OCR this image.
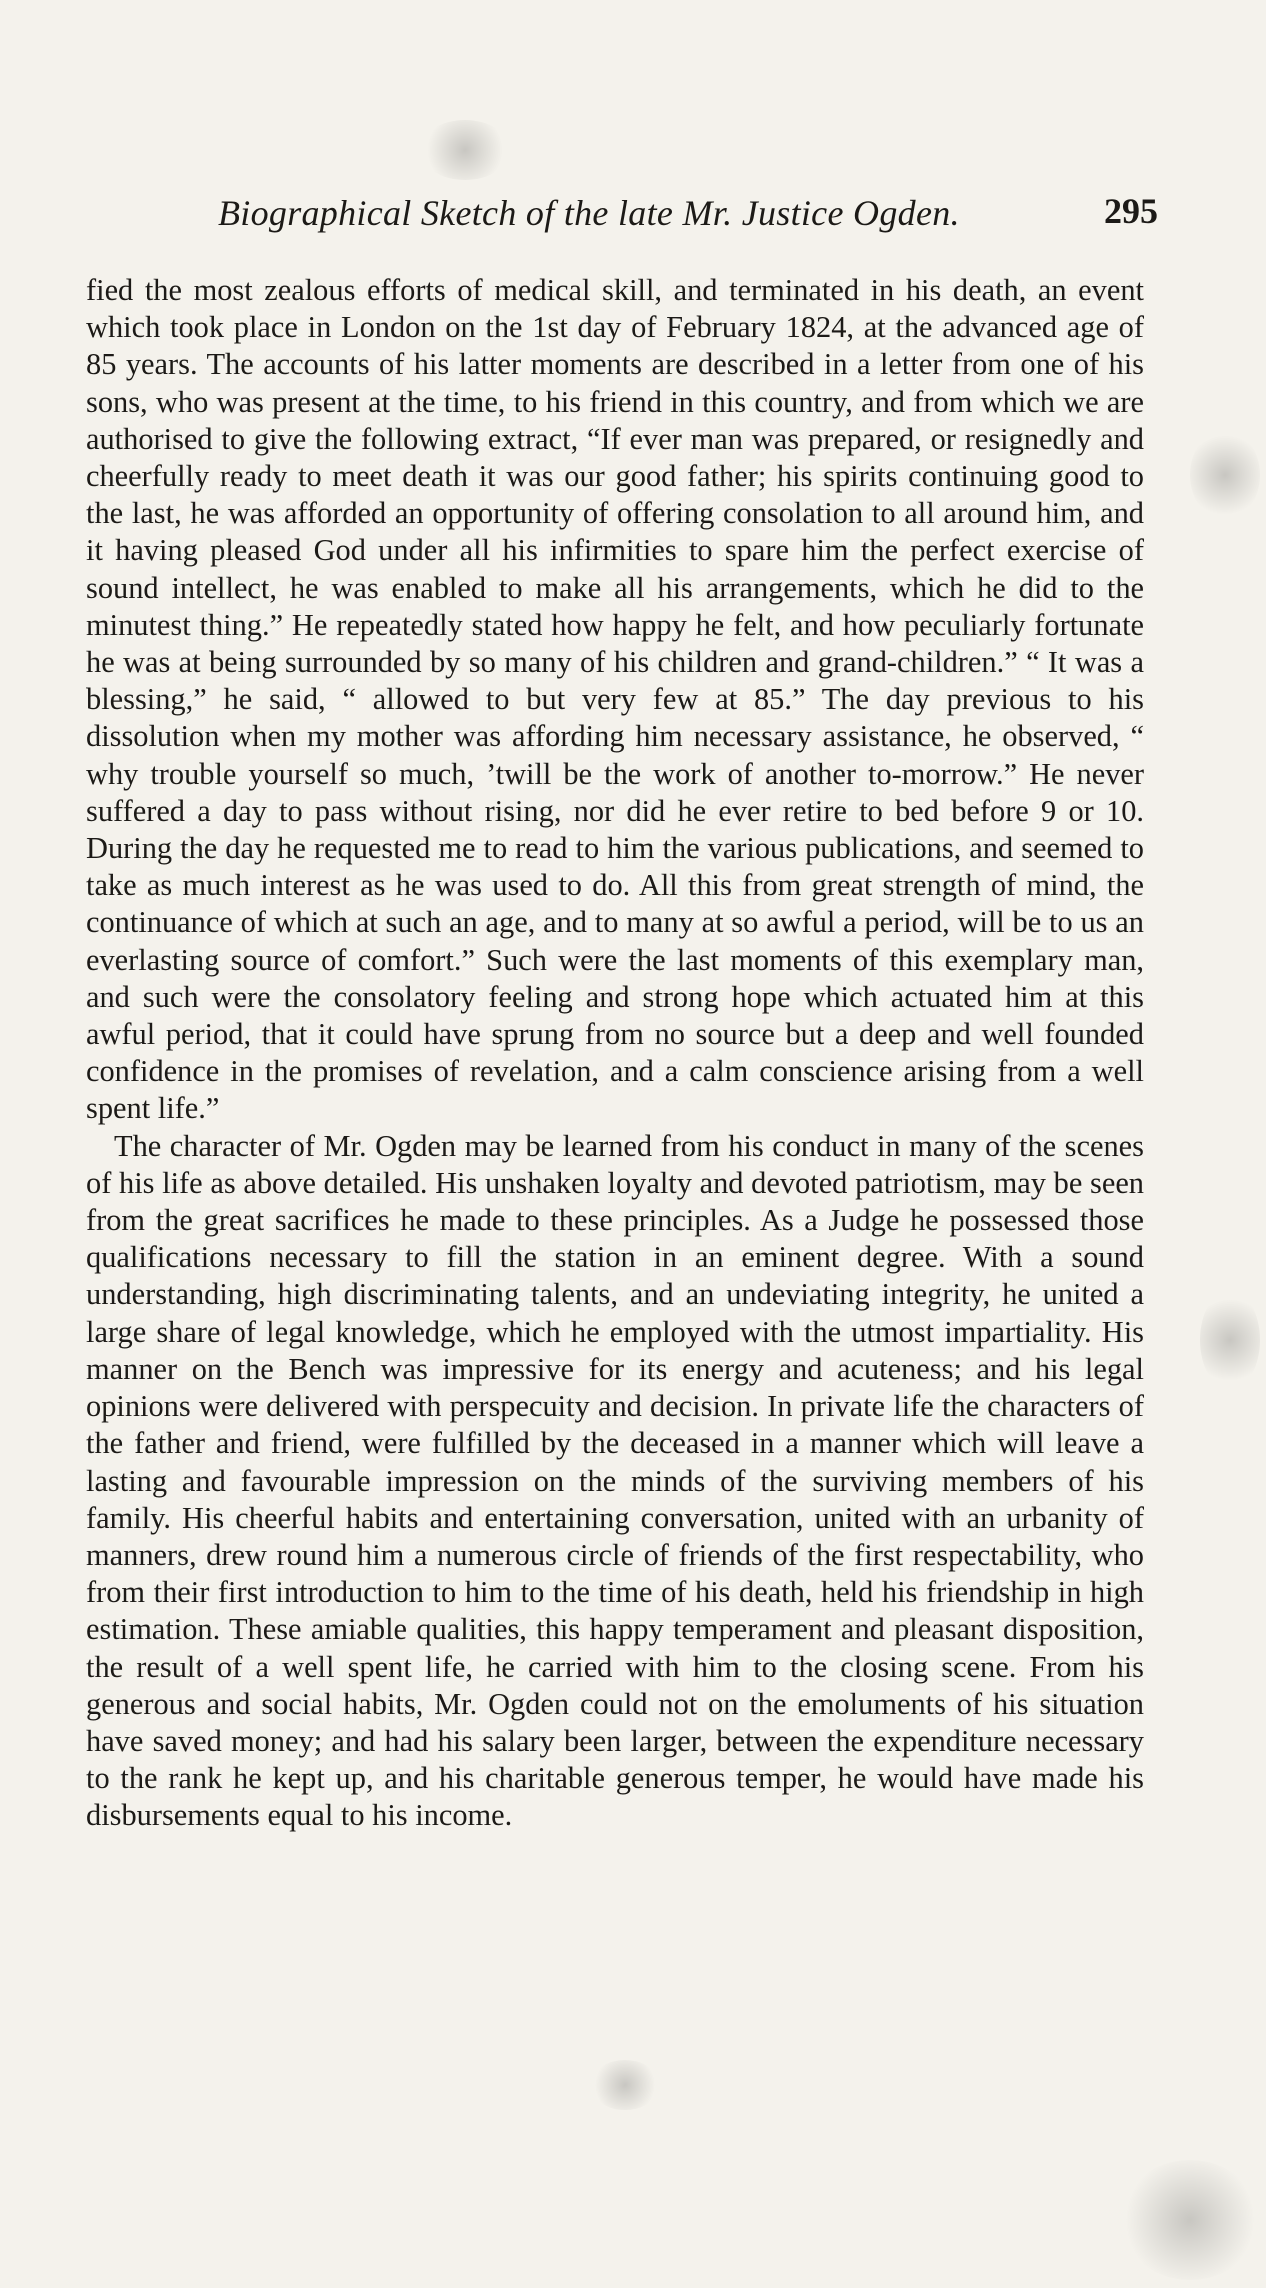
Biographical Sketch of the late Mr. Justice Ogden.	295

fied the most zealous efforts of medical skill, and terminated in his death, an event which took place in London on the 1st day of February 1824, at the advanced age of 85 years. The accounts of his latter moments are described in a letter from one of his sons, who was present at the time, to his friend in this country, and from which we are authorised to give the following extract, “If ever man was prepared, or resignedly and cheerfully ready to meet death it was our good father; his spirits continuing good to the last, he was afforded an opportunity of offering consolation to all around him, and it having pleased God under all his infirmities to spare him the perfect exercise of sound intellect, he was enabled to make all his arrangements, which he did to the minutest thing.” He repeatedly stated how happy he felt, and how peculiarly fortunate he was at being surrounded by so many of his children and grand-children.” “ It was a blessing,” he said, “ allowed to but very few at 85.” The day previous to his dissolution when my mother was affording him necessary assistance, he observed, “ why trouble yourself so much, ’twill be the work of another to-morrow.” He never suffered a day to pass without rising, nor did he ever retire to bed before 9 or 10. During the day he requested me to read to him the various publications, and seemed to take as much interest as he was used to do. All this from great strength of mind, the continuance of which at such an age, and to many at so awful a period, will be to us an everlasting source of comfort.” Such were the last moments of this exemplary man, and such were the consolatory feeling and strong hope which actuated him at this awful period, that it could have sprung from no source but a deep and well founded confidence in the promises of revelation, and a calm conscience arising from a well spent life.”

The character of Mr. Ogden may be learned from his conduct in many of the scenes of his life as above detailed. His unshaken loyalty and devoted patriotism, may be seen from the great sacrifices he made to these principles. As a Judge he possessed those qualifications necessary to fill the station in an eminent degree. With a sound understanding, high discriminating talents, and an undeviating integrity, he united a large share of legal knowledge, which he employed with the utmost impartiality. His manner on the Bench was impressive for its energy and acuteness; and his legal opinions were delivered with perspecuity and decision. In private life the characters of the father and friend, were fulfilled by the deceased in a manner which will leave a lasting and favourable impression on the minds of the surviving members of his family. His cheerful habits and entertaining conversation, united with an urbanity of manners, drew round him a numerous circle of friends of the first respectability, who from their first introduction to him to the time of his death, held his friendship in high estimation. These amiable qualities, this happy temperament and pleasant disposition, the result of a well spent life, he carried with him to the closing scene. From his generous and social habits, Mr. Ogden could not on the emoluments of his situation have saved money; and had his salary been larger, between the expenditure necessary to the rank he kept up, and his charitable generous temper, he would have made his disbursements equal to his income.
